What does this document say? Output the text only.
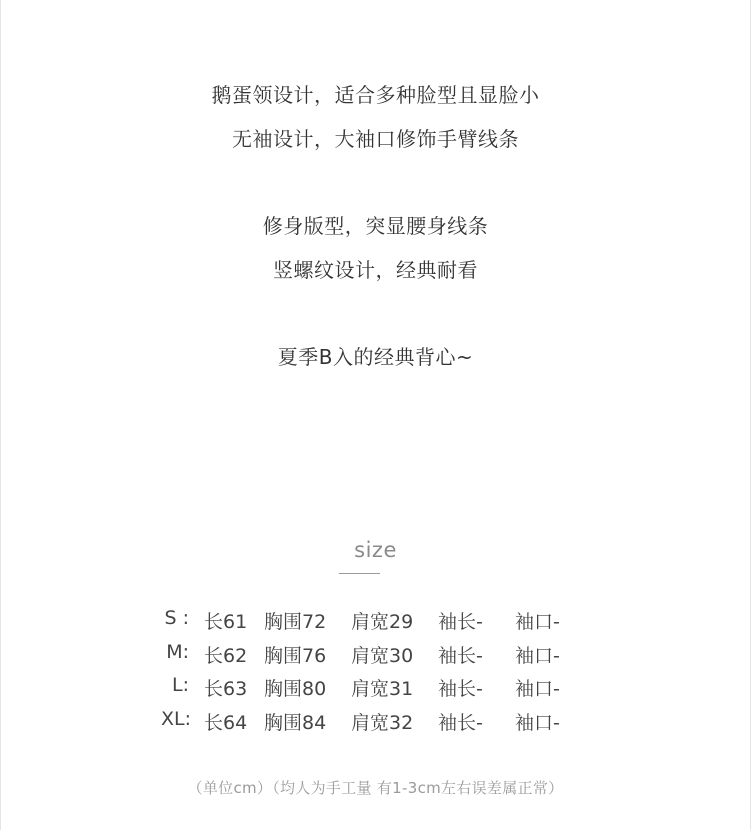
鹅蛋领设计，适合多种脸型且显脸小
无袖设计，大袖口修饰手臂线条
修身版型，突显腰身线条
竖螺纹设计，经典耐看
夏季B入的经典背心~
size
S : 长61 胸围72 肩宽29 袖长- 袖口-
M: 长62 胸围76 肩宽30 袖长- 袖口-
L: 长63 胸围80 肩宽31 袖长- 袖口-
XL: 长64 胸围84 肩宽32 袖长- 袖口-
（单位cm）（均人为手工量 有1-3cm左右误差属正常）
